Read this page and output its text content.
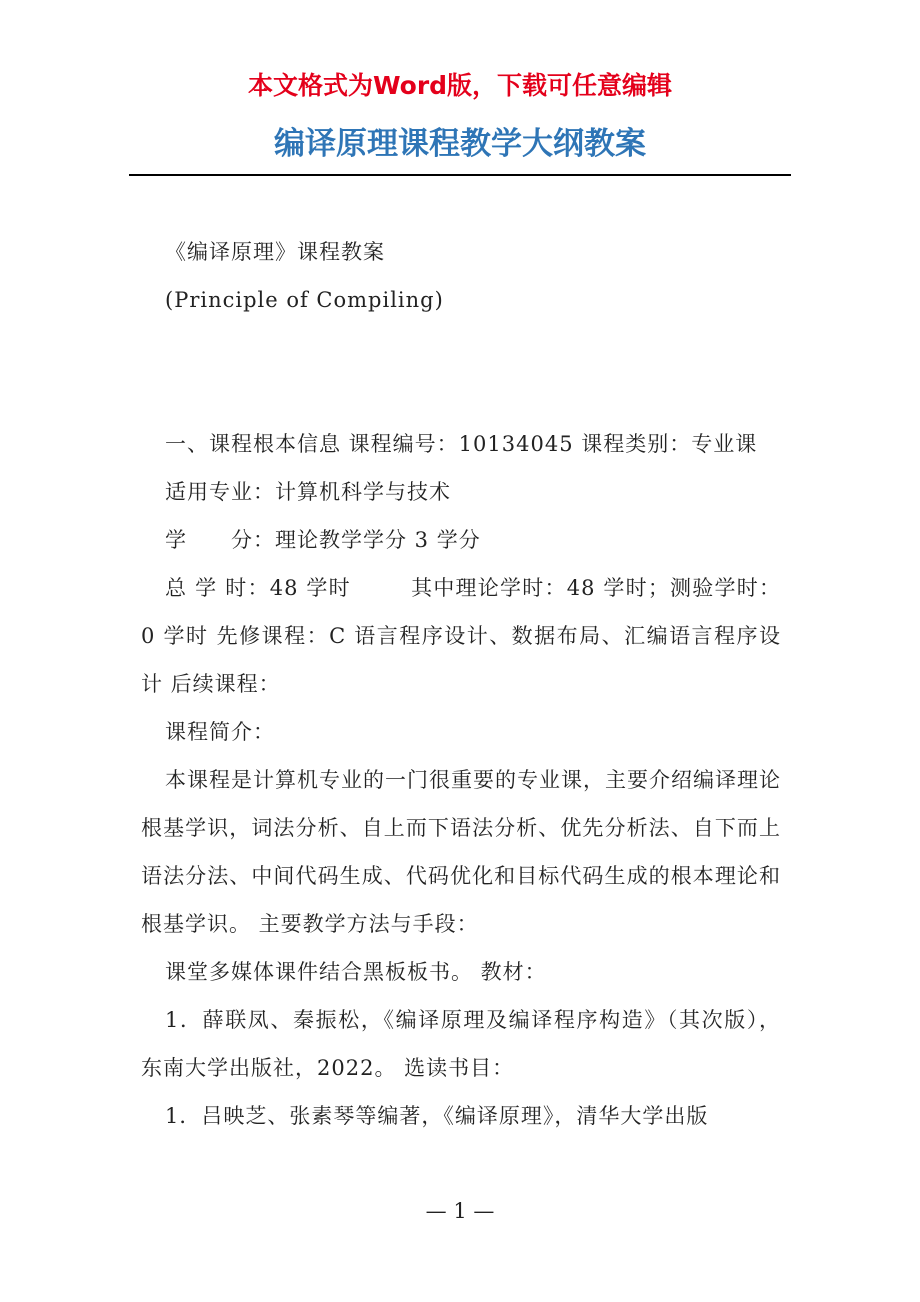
本文格式为Word版，下载可任意编辑
编译原理课程教学大纲教案

《编译原理》课程教案

(Principle of Compiling)

一、课程根本信息 课程编号：10134045 课程类别：专业课

适用专业：计算机科学与技术

学 分：理论教学学分 3 学分

总 学 时：48 学时	其中理论学时：48 学时；测验学时：0 学时 先修课程：C 语言程序设计、数据布局、汇编语言程序设计 后续课程：

课程简介：

本课程是计算机专业的一门很重要的专业课，主要介绍编译理论根基学识，词法分析、自上而下语法分析、优先分析法、自下而上语法分法、中间代码生成、代码优化和目标代码生成的根本理论和根基学识。 主要教学方法与手段：

课堂多媒体课件结合黑板板书。 教材：

1．薛联凤、秦振松，《编译原理及编译程序构造》（其次版），东南大学出版社，2022。 选读书目：

1．吕映芝、张素琴等编著，《编译原理》，清华大学出版

— 1 —
